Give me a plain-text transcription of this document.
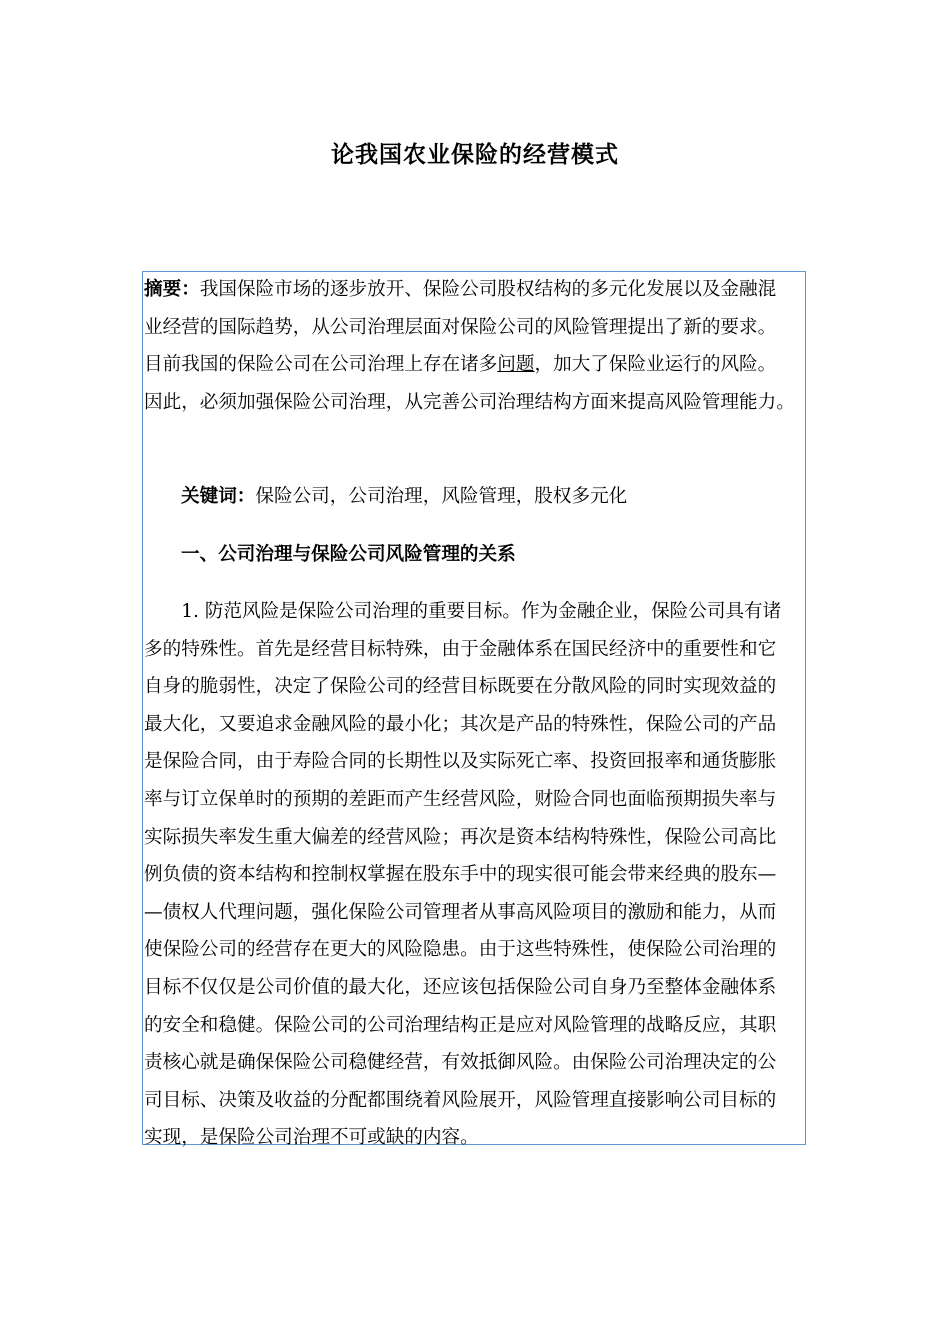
论我国农业保险的经营模式
摘要：我国保险市场的逐步放开、保险公司股权结构的多元化发展以及金融混
业经营的国际趋势，从公司治理层面对保险公司的风险管理提出了新的要求。
目前我国的保险公司在公司治理上存在诸多问题，加大了保险业运行的风险。
因此，必须加强保险公司治理，从完善公司治理结构方面来提高风险管理能力。
关键词：保险公司，公司治理，风险管理，股权多元化
一、公司治理与保险公司风险管理的关系
　　1. 防范风险是保险公司治理的重要目标。作为金融企业，保险公司具有诸
多的特殊性。首先是经营目标特殊，由于金融体系在国民经济中的重要性和它
自身的脆弱性，决定了保险公司的经营目标既要在分散风险的同时实现效益的
最大化，又要追求金融风险的最小化；其次是产品的特殊性，保险公司的产品
是保险合同，由于寿险合同的长期性以及实际死亡率、投资回报率和通货膨胀
率与订立保单时的预期的差距而产生经营风险，财险合同也面临预期损失率与
实际损失率发生重大偏差的经营风险；再次是资本结构特殊性，保险公司高比
例负债的资本结构和控制权掌握在股东手中的现实很可能会带来经典的股东—
—债权人代理问题，强化保险公司管理者从事高风险项目的激励和能力，从而
使保险公司的经营存在更大的风险隐患。由于这些特殊性，使保险公司治理的
目标不仅仅是公司价值的最大化，还应该包括保险公司自身乃至整体金融体系
的安全和稳健。保险公司的公司治理结构正是应对风险管理的战略反应，其职
责核心就是确保保险公司稳健经营，有效抵御风险。由保险公司治理决定的公
司目标、决策及收益的分配都围绕着风险展开，风险管理直接影响公司目标的
实现，是保险公司治理不可或缺的内容。
